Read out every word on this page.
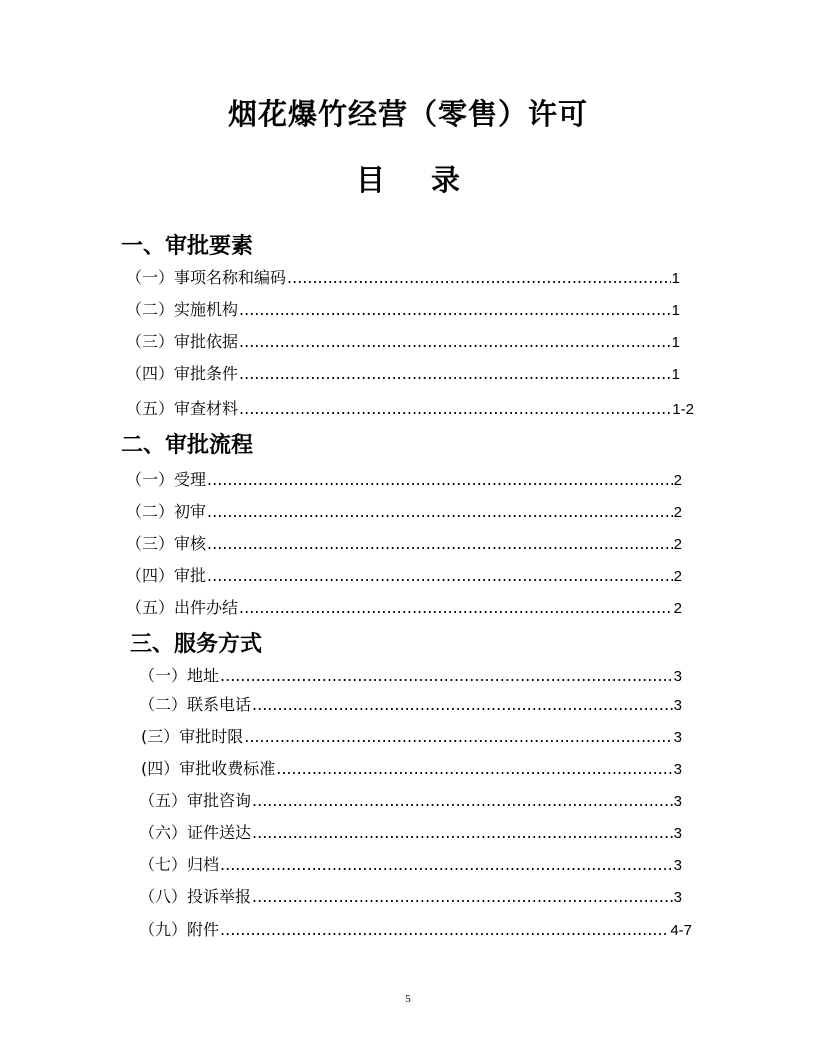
烟花爆竹经营（零售）许可
目 录
一、审批要素
（一）事项名称和编码 .....	1
（二）实施机构 .....	1
（三）审批依据 .....	1
（四）审批条件 .....	1
（五）审查材料 .....	1-2
二、审批流程
（一）受理 .....	2
（二）初审 .....	2
（三）审核 .....	2
（四）审批 .....	2
（五）出件办结 .....	2
三、服务方式
（一）地址 .....	3
（二）联系电话 .....	3
(三）审批时限 .....	3
(四）审批收费标准 .....	3
（五）审批咨询 .....	3
（六）证件送达 .....	3
（七）归档 .....	3
（八）投诉举报 .....	3
（九）附件 .....	4-7
5
